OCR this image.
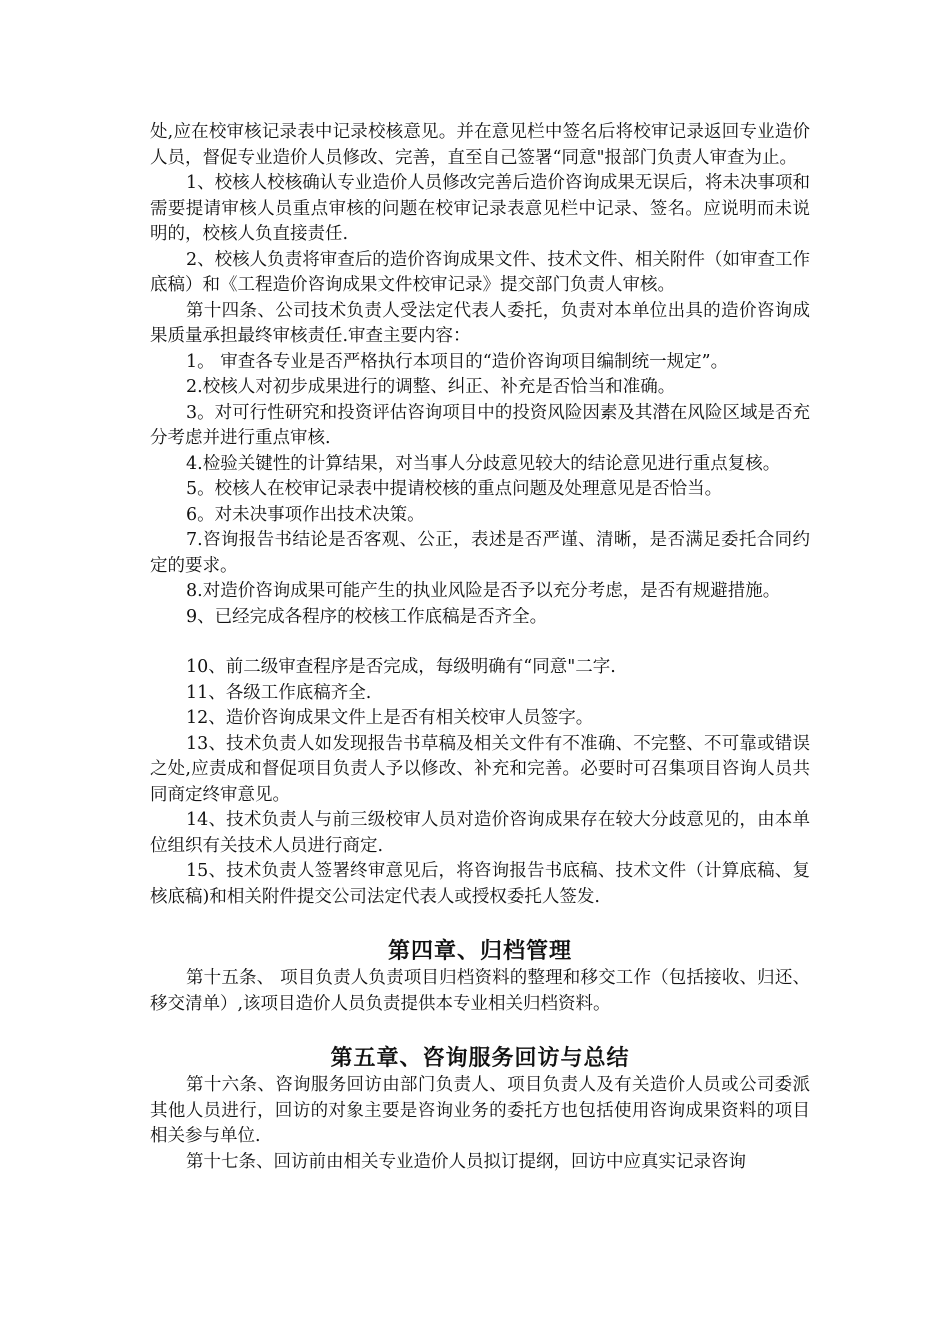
处,应在校审核记录表中记录校核意见。并在意见栏中签名后将校审记录返回专业造价人员，督促专业造价人员修改、完善，直至自己签署“同意"报部门负责人审查为止。

1、校核人校核确认专业造价人员修改完善后造价咨询成果无误后，将未决事项和需要提请审核人员重点审核的问题在校审记录表意见栏中记录、签名。应说明而未说明的，校核人负直接责任.

2、校核人负责将审查后的造价咨询成果文件、技术文件、相关附件（如审查工作底稿）和《工程造价咨询成果文件校审记录》提交部门负责人审核。

第十四条、公司技术负责人受法定代表人委托，负责对本单位出具的造价咨询成果质量承担最终审核责任.审查主要内容：

1。 审查各专业是否严格执行本项目的“造价咨询项目编制统一规定”。

2.校核人对初步成果进行的调整、纠正、补充是否恰当和准确。

3。对可行性研究和投资评估咨询项目中的投资风险因素及其潜在风险区域是否充分考虑并进行重点审核.

4.检验关键性的计算结果，对当事人分歧意见较大的结论意见进行重点复核。

5。校核人在校审记录表中提请校核的重点问题及处理意见是否恰当。

6。对未决事项作出技术决策。

7.咨询报告书结论是否客观、公正，表述是否严谨、清晰，是否满足委托合同约定的要求。

8.对造价咨询成果可能产生的执业风险是否予以充分考虑，是否有规避措施。

9、已经完成各程序的校核工作底稿是否齐全。

10、前二级审查程序是否完成，每级明确有“同意"二字.

11、各级工作底稿齐全.

12、造价咨询成果文件上是否有相关校审人员签字。

13、技术负责人如发现报告书草稿及相关文件有不准确、不完整、不可靠或错误之处,应责成和督促项目负责人予以修改、补充和完善。必要时可召集项目咨询人员共同商定终审意见。

14、技术负责人与前三级校审人员对造价咨询成果存在较大分歧意见的，由本单位组织有关技术人员进行商定.

15、技术负责人签署终审意见后，将咨询报告书底稿、技术文件（计算底稿、复核底稿)和相关附件提交公司法定代表人或授权委托人签发.

第四章、归档管理

第十五条、 项目负责人负责项目归档资料的整理和移交工作（包括接收、归还、移交清单）,该项目造价人员负责提供本专业相关归档资料。

第五章、咨询服务回访与总结

第十六条、咨询服务回访由部门负责人、项目负责人及有关造价人员或公司委派其他人员进行，回访的对象主要是咨询业务的委托方也包括使用咨询成果资料的项目相关参与单位.

第十七条、回访前由相关专业造价人员拟订提纲，回访中应真实记录咨询
